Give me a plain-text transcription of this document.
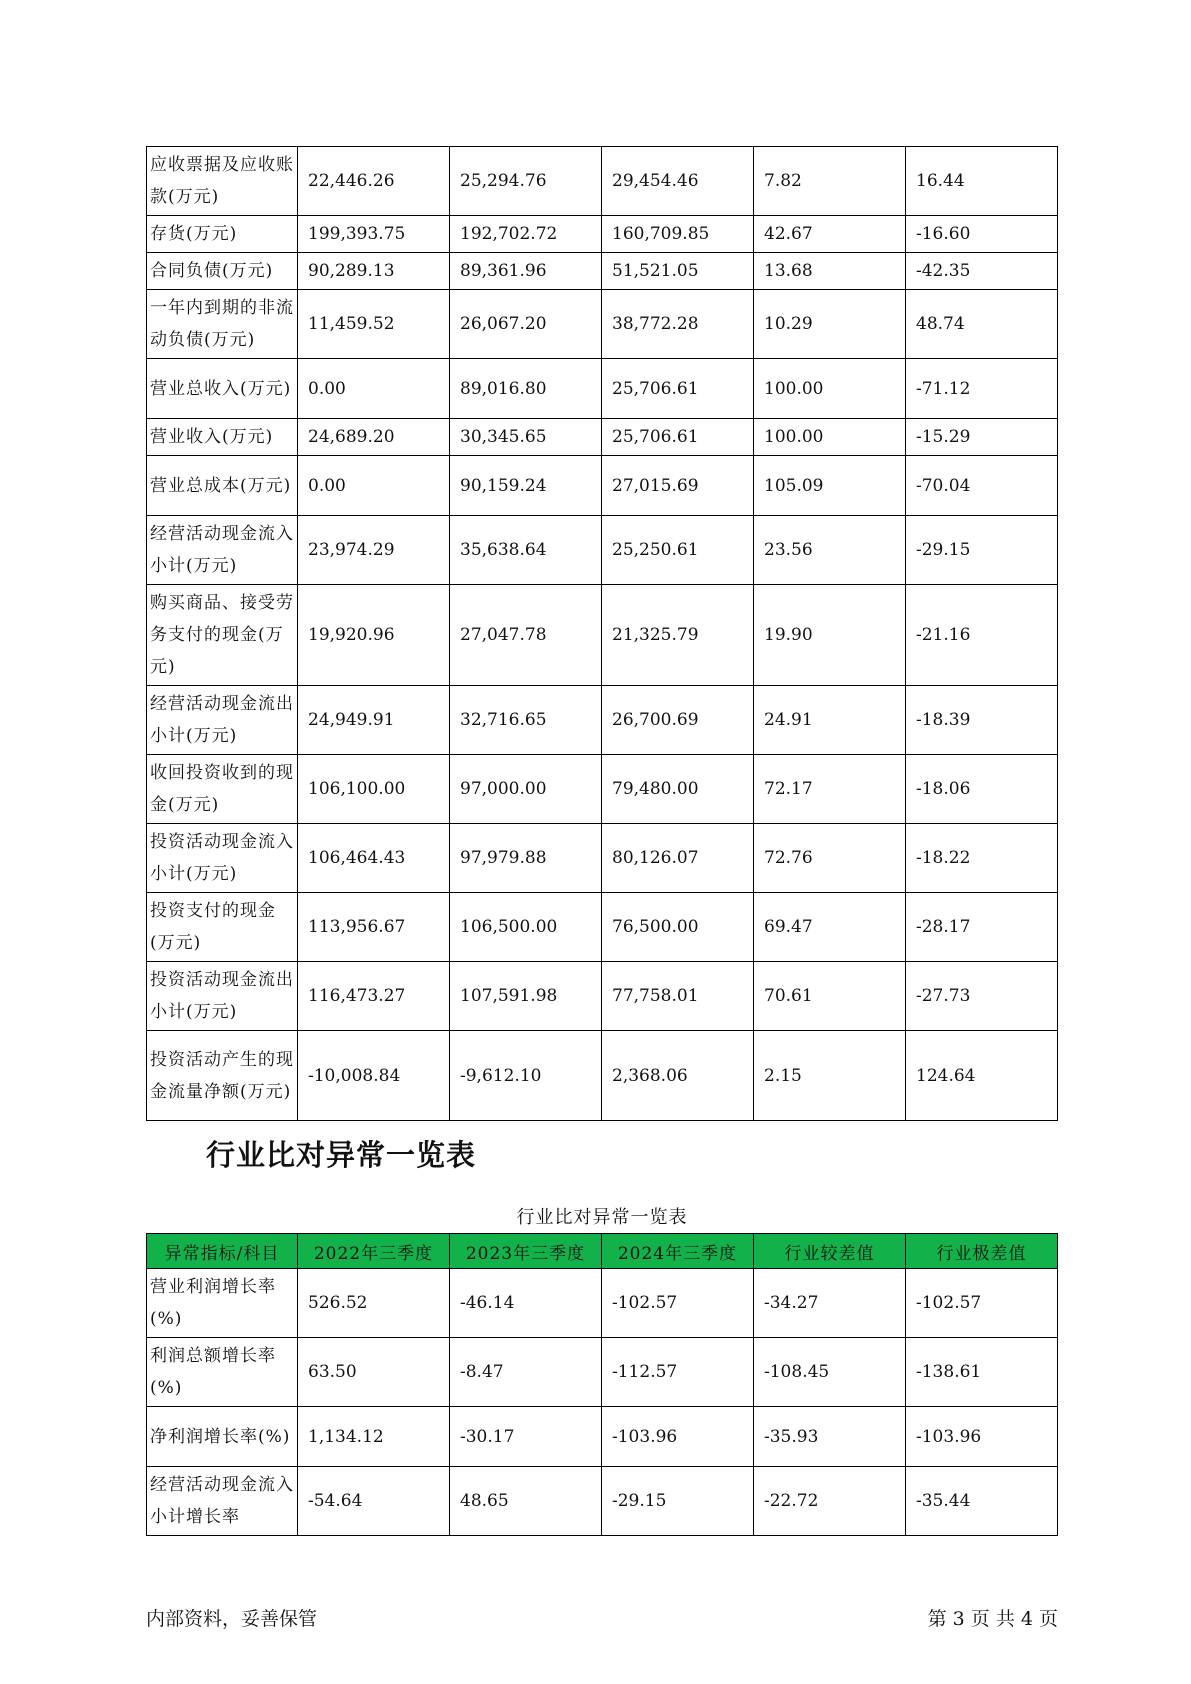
应收票据及应收账款(万元)	22,446.26	25,294.76	29,454.46	7.82	16.44
存货(万元)	199,393.75	192,702.72	160,709.85	42.67	-16.60
合同负债(万元)	90,289.13	89,361.96	51,521.05	13.68	-42.35
一年内到期的非流动负债(万元)	11,459.52	26,067.20	38,772.28	10.29	48.74
营业总收入(万元)	0.00	89,016.80	25,706.61	100.00	-71.12
营业收入(万元)	24,689.20	30,345.65	25,706.61	100.00	-15.29
营业总成本(万元)	0.00	90,159.24	27,015.69	105.09	-70.04
经营活动现金流入小计(万元)	23,974.29	35,638.64	25,250.61	23.56	-29.15
购买商品、接受劳务支付的现金(万元)	19,920.96	27,047.78	21,325.79	19.90	-21.16
经营活动现金流出小计(万元)	24,949.91	32,716.65	26,700.69	24.91	-18.39
收回投资收到的现金(万元)	106,100.00	97,000.00	79,480.00	72.17	-18.06
投资活动现金流入小计(万元)	106,464.43	97,979.88	80,126.07	72.76	-18.22
投资支付的现金(万元)	113,956.67	106,500.00	76,500.00	69.47	-28.17
投资活动现金流出小计(万元)	116,473.27	107,591.98	77,758.01	70.61	-27.73
投资活动产生的现金流量净额(万元)	-10,008.84	-9,612.10	2,368.06	2.15	124.64
行业比对异常一览表
行业比对异常一览表
异常指标/科目	2022年三季度	2023年三季度	2024年三季度	行业较差值	行业极差值
营业利润增长率(%)	526.52	-46.14	-102.57	-34.27	-102.57
利润总额增长率(%)	63.50	-8.47	-112.57	-108.45	-138.61
净利润增长率(%)	1,134.12	-30.17	-103.96	-35.93	-103.96
经营活动现金流入小计增长率	-54.64	48.65	-29.15	-22.72	-35.44
内部资料，妥善保管	第 3 页 共 4 页
